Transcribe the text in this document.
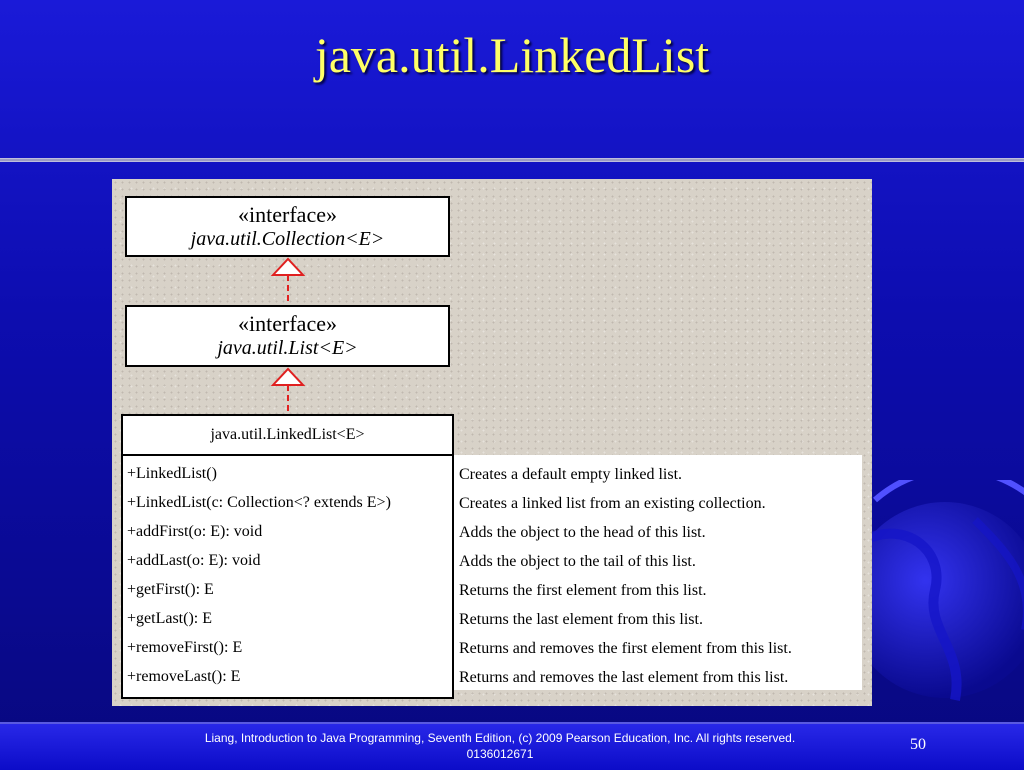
java.util.LinkedList
«interface»
java.util.Collection<E>
«interface»
java.util.List<E>
java.util.LinkedList<E>
+LinkedList()
+LinkedList(c: Collection<? extends E>)
+addFirst(o: E): void
+addLast(o: E): void
+getFirst(): E
+getLast(): E
+removeFirst(): E
+removeLast(): E
Creates a default empty linked list.
Creates a linked list from an existing collection.
Adds the object to the head of this list.
Adds the object to the tail of this list.
Returns the first element from this list.
Returns the last element from this list.
Returns and removes the first element from this list.
Returns and removes the last element from this list.
Liang, Introduction to Java Programming, Seventh Edition, (c) 2009 Pearson Education, Inc. All rights reserved. 0136012671
50
